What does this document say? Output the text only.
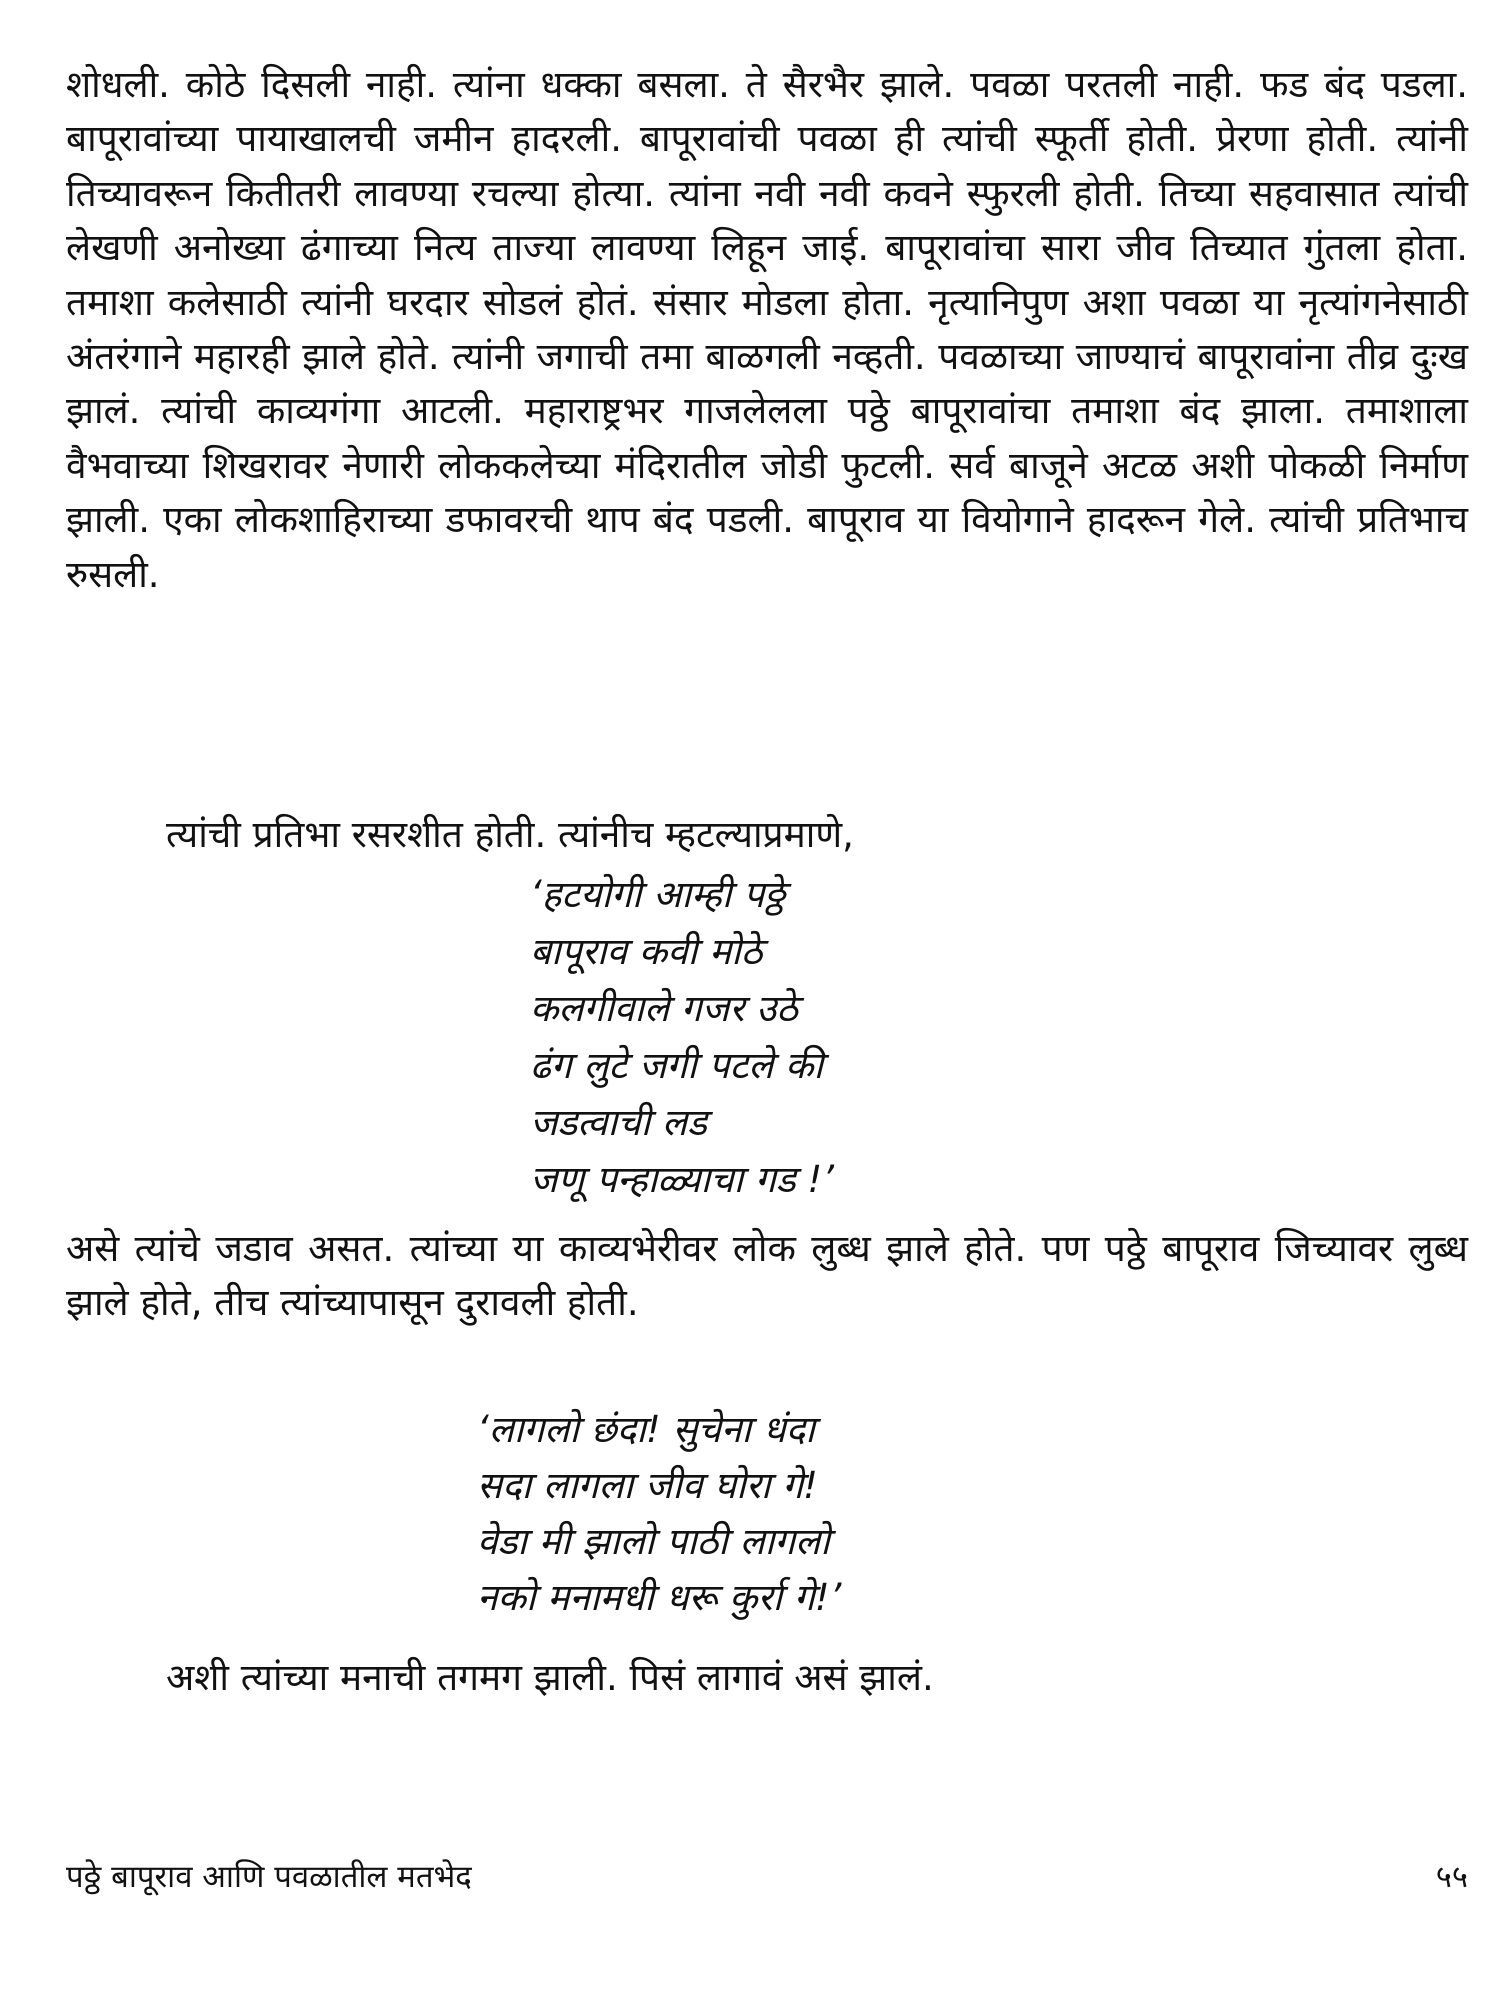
शोधली. कोठे दिसली नाही. त्यांना धक्का बसला. ते सैरभैर झाले. पवळा परतली नाही. फड बंद पडला. बापूरावांच्या पायाखालची जमीन हादरली. बापूरावांची पवळा ही त्यांची स्फूर्ती होती. प्रेरणा होती. त्यांनी तिच्यावरून कितीतरी लावण्या रचल्या होत्या. त्यांना नवी नवी कवने स्फुरली होती. तिच्या सहवासात त्यांची लेखणी अनोख्या ढंगाच्या नित्य ताज्या लावण्या लिहून जाई. बापूरावांचा सारा जीव तिच्यात गुंतला होता. तमाशा कलेसाठी त्यांनी घरदार सोडलं होतं. संसार मोडला होता. नृत्यानिपुण अशा पवळा या नृत्यांगनेसाठी अंतरंगाने महारही झाले होते. त्यांनी जगाची तमा बाळगली नव्हती. पवळाच्या जाण्याचं बापूरावांना तीव्र दुःख झालं. त्यांची काव्यगंगा आटली. महाराष्ट्रभर गाजलेलला पठ्ठे बापूरावांचा तमाशा बंद झाला. तमाशाला वैभवाच्या शिखरावर नेणारी लोककलेच्या मंदिरातील जोडी फुटली. सर्व बाजूने अटळ अशी पोकळी निर्माण झाली. एका लोकशाहिराच्या डफावरची थाप बंद पडली. बापूराव या वियोगाने हादरून गेले. त्यांची प्रतिभाच रुसली.

त्यांची प्रतिभा रसरशीत होती. त्यांनीच म्हटल्याप्रमाणे,

‘हटयोगी आम्ही पठ्ठे
बापूराव कवी मोठे
कलगीवाले गजर उठे
ढंग लुटे जगी पटले की
जडत्वाची लड
जणू पन्हाळ्याचा गड !’

असे त्यांचे जडाव असत. त्यांच्या या काव्यभेरीवर लोक लुब्ध झाले होते. पण पठ्ठे बापूराव जिच्यावर लुब्ध झाले होते, तीच त्यांच्यापासून दुरावली होती.

‘लागलो छंदा! सुचेना धंदा
सदा लागला जीव घोरा गे!
वेडा मी झालो पाठी लागलो
नको मनामधी धरू कुर्रा गे!’

अशी त्यांच्या मनाची तगमग झाली. पिसं लागावं असं झालं.

पठ्ठे बापूराव आणि पवळातील मतभेद	५५
